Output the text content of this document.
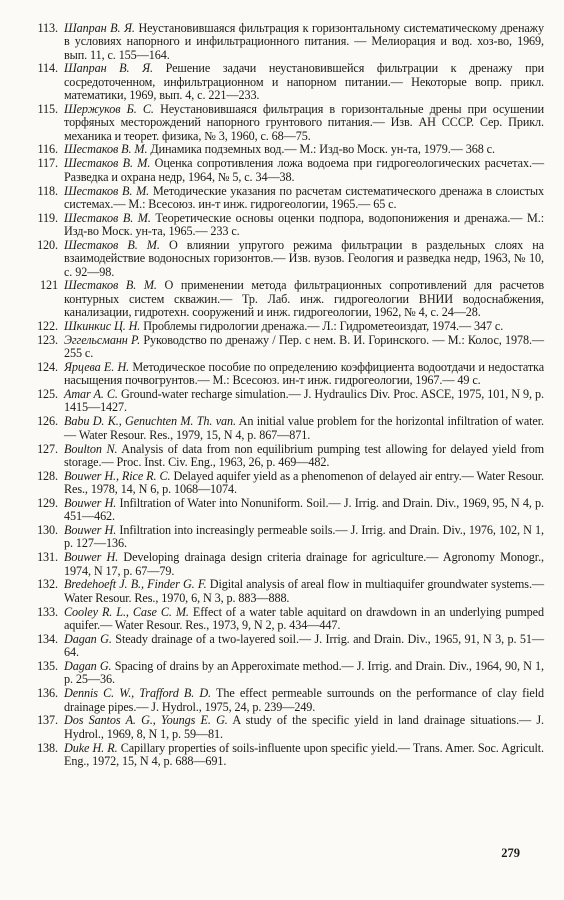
113. Шапран В. Я. Неустановившаяся фильтрация к горизонтальному систематическому дренажу в условиях напорного и инфильтрационного питания. — Мелиорация и вод. хоз-во, 1969, вып. 11, с. 155—164.
114. Шапран В. Я. Решение задачи неустановившейся фильтрации к дренажу при сосредоточенном, инфильтрационном и напорном питании.— Некоторые вопр. прикл. математики, 1969, вып. 4, с. 221—233.
115. Шержуков Б. С. Неустановившаяся фильтрация в горизонтальные дрены при осушении торфяных месторождений напорного грунтового питания.— Изв. АН СССР. Сер. Прикл. механика и теорет. физика, № 3, 1960, с. 68—75.
116. Шестаков В. М. Динамика подземных вод.— М.: Изд-во Моск. ун-та, 1979.— 368 с.
117. Шестаков В. М. Оценка сопротивления ложа водоема при гидрогеологических расчетах.— Разведка и охрана недр, 1964, № 5, с. 34—38.
118. Шестаков В. М. Методические указания по расчетам систематического дренажа в слоистых системах.— М.: Всесоюз. ин-т инж. гидрогеологии, 1965.— 65 с.
119. Шестаков В. М. Теоретические основы оценки подпора, водопонижения и дренажа.— М.: Изд-во Моск. ун-та, 1965.— 233 с.
120. Шестаков В. М. О влиянии упругого режима фильтрации в раздельных слоях на взаимодействие водоносных горизонтов.— Изв. вузов. Геология и разведка недр, 1963, № 10, с. 92—98.
121 Шестаков В. М. О применении метода фильтрационных сопротивлений для расчетов контурных систем скважин.— Тр. Лаб. инж. гидрогеологии ВНИИ водоснабжения, канализации, гидротехн. сооружений и инж. гидрогеологии, 1962, № 4, с. 24—28.
122. Шкинкис Ц. Н. Проблемы гидрологии дренажа.— Л.: Гидрометеоиздат, 1974.— 347 с.
123. Эггельсманн Р. Руководство по дренажу / Пер. с нем. В. И. Горинского. — М.: Колос, 1978.— 255 с.
124. Ярцева Е. Н. Методическое пособие по определению коэффициента водоотдачи и недостатка насыщения почвогрунтов.— М.: Всесоюз. ин-т инж. гидрогеологии, 1967.— 49 с.
125. Amar A. C. Ground-water recharge simulation.— J. Hydraulics Div. Proc. ASCE, 1975, 101, N 9, p. 1415—1427.
126. Babu D. K., Genuchten M. Th. van. An initial value problem for the horizontal infiltration of water.— Water Resour. Res., 1979, 15, N 4, p. 867—871.
127. Boulton N. Analysis of data from non equilibrium pumping test allowing for delayed yield from storage.— Proc. Inst. Civ. Eng., 1963, 26, p. 469—482.
128. Bouwer H., Rice R. C. Delayed aquifer yield as a phenomenon of delayed air entry.— Water Resour. Res., 1978, 14, N 6, p. 1068—1074.
129. Bouwer H. Infiltration of Water into Nonuniform. Soil.— J. Irrig. and Drain. Div., 1969, 95, N 4, p. 451—462.
130. Bouwer H. Infiltration into increasingly permeable soils.— J. Irrig. and Drain. Div., 1976, 102, N 1, p. 127—136.
131. Bouwer H. Developing drainaga design criteria drainage for agriculture.— Agronomy Monogr., 1974, N 17, p. 67—79.
132. Bredehoeft J. B., Finder G. F. Digital analysis of areal flow in multiaquifer groundwater systems.— Water Resour. Res., 1970, 6, N 3, p. 883—888.
133. Cooley R. L., Case C. M. Effect of a water table aquitard on drawdown in an underlying pumped aquifer.— Water Resour. Res., 1973, 9, N 2, p. 434—447.
134. Dagan G. Steady drainage of a two-layered soil.— J. Irrig. and Drain. Div., 1965, 91, N 3, p. 51—64.
135. Dagan G. Spacing of drains by an Apperoximate method.— J. Irrig. and Drain. Div., 1964, 90, N 1, p. 25—36.
136. Dennis C. W., Trafford B. D. The effect permeable surrounds on the performance of clay field drainage pipes.— J. Hydrol., 1975, 24, p. 239—249.
137. Dos Santos A. G., Youngs E. G. A study of the specific yield in land drainage situations.— J. Hydrol., 1969, 8, N 1, p. 59—81.
138. Duke H. R. Capillary properties of soils-influente upon specific yield.— Trans. Amer. Soc. Agricult. Eng., 1972, 15, N 4, p. 688—691.
279
